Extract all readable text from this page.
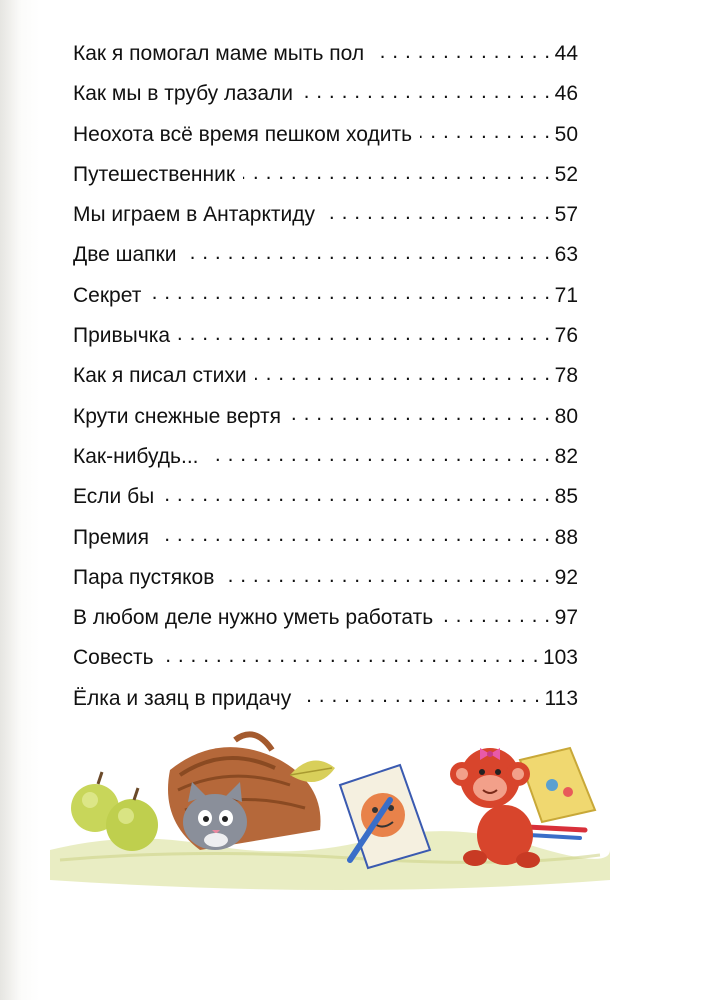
Как я помогал маме мыть пол . . .	44
Как мы в трубу лазали . . .	46
Неохота всё время пешком ходить . . .	50
Путешественник . . .	52
Мы играем в Антарктиду . . .	57
Две шапки . . .	63
Секрет . . .	71
Привычка . . .	76
Как я писал стихи . . .	78
Крути снежные вертя . . .	80
Как-нибудь... . . .	82
Если бы . . .	85
Премия . . .	88
Пара пустяков . . .	92
В любом деле нужно уметь работать . . .	97
Совесть . . .	103
Ёлка и заяц в придачу . . .	113
